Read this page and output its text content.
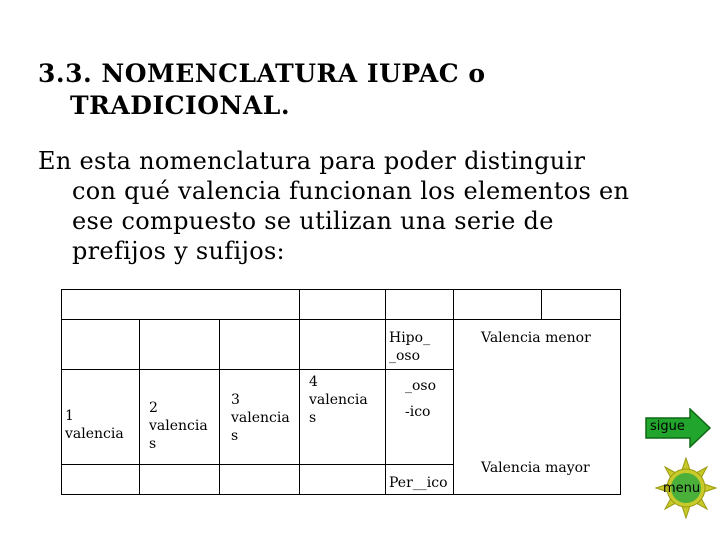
3.3. NOMENCLATURA IUPAC o
TRADICIONAL.
En esta nomenclatura para poder distinguir
con qué valencia funcionan los elementos en
ese compuesto se utilizan una serie de
prefijos y sufijos:
1 valencia
2 valencia s
3 valencia s
4 valencia s
Hipo_ _oso
_oso
-ico
Per__ico
Valencia menor
Valencia mayor
sigue
menu
